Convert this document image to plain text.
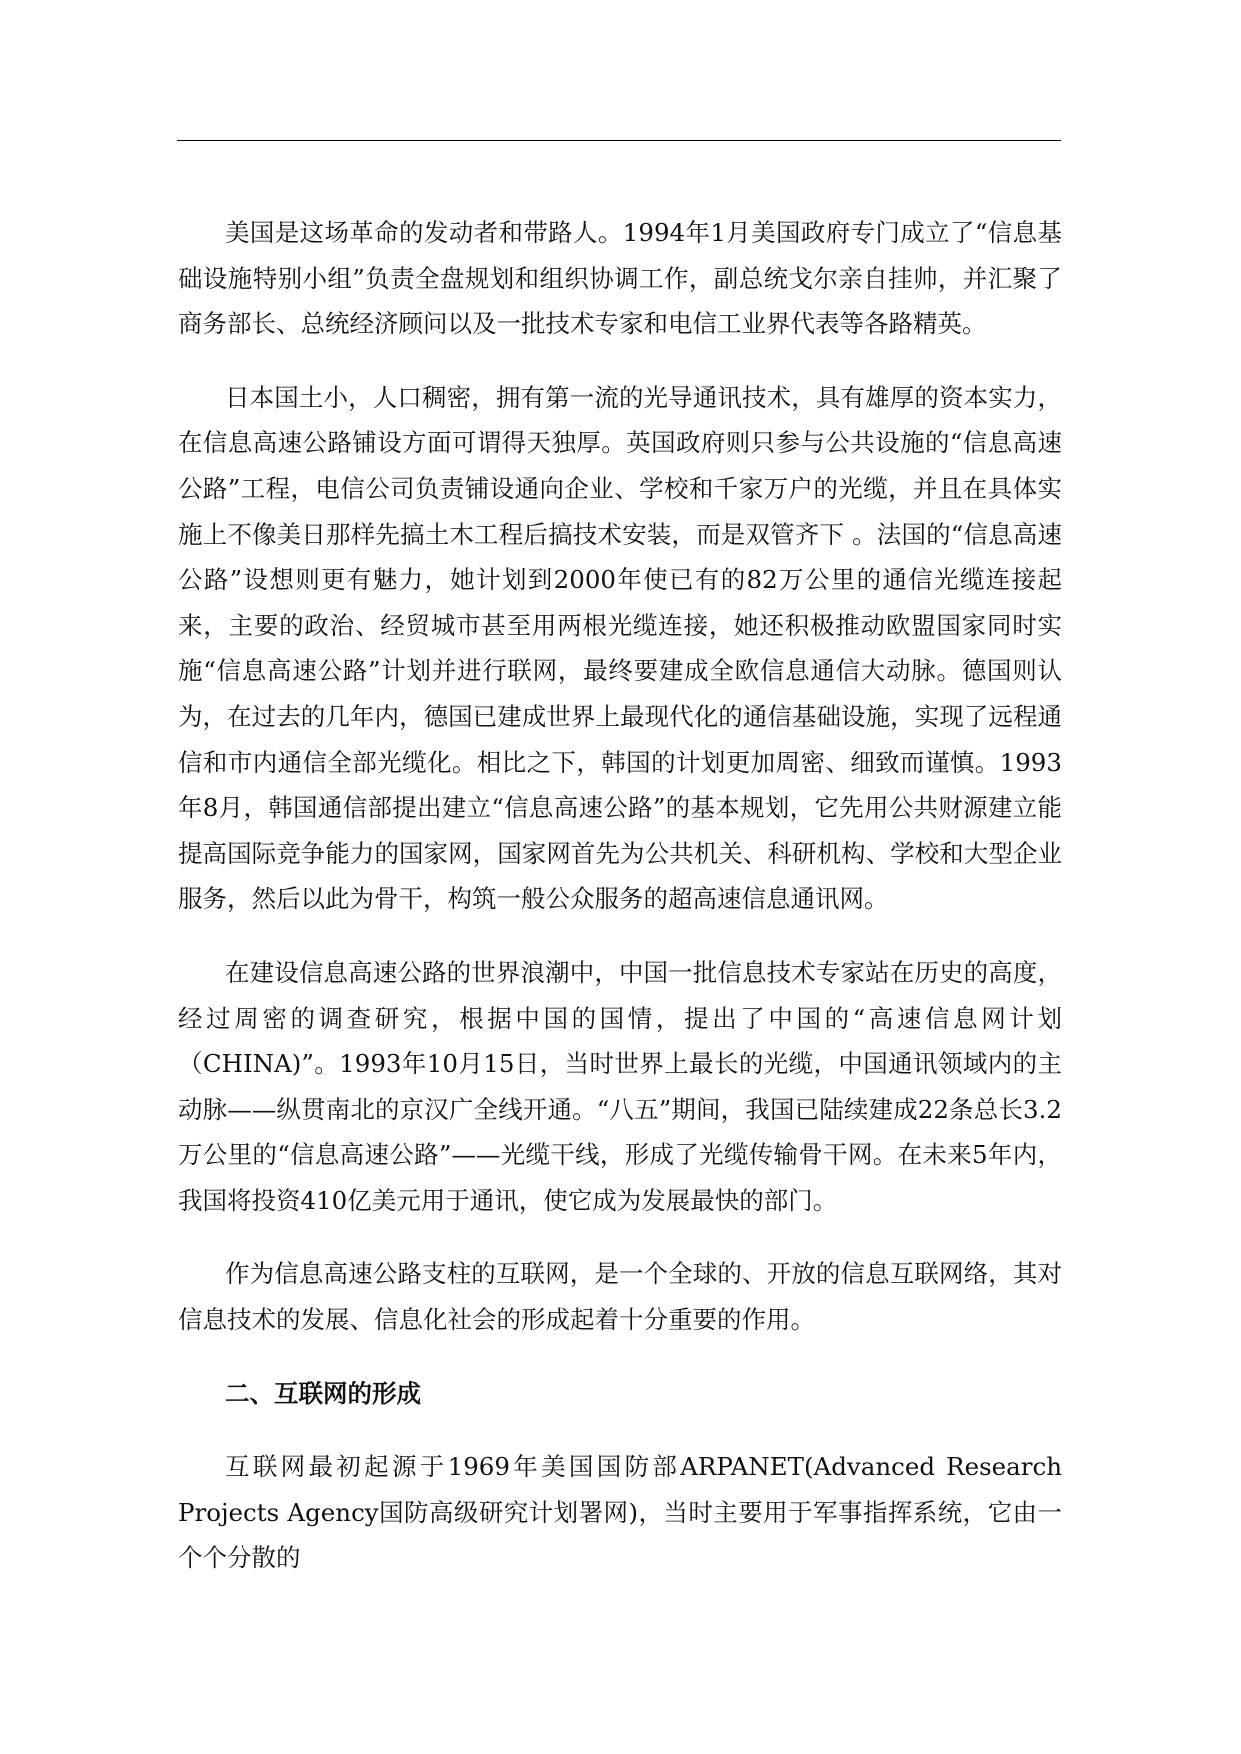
美国是这场革命的发动者和带路人。1994年1月美国政府专门成立了“信息基础设施特别小组”负责全盘规划和组织协调工作，副总统戈尔亲自挂帅，并汇聚了商务部长、总统经济顾问以及一批技术专家和电信工业界代表等各路精英。

日本国土小，人口稠密，拥有第一流的光导通讯技术，具有雄厚的资本实力，在信息高速公路铺设方面可谓得天独厚。英国政府则只参与公共设施的“信息高速公路”工程，电信公司负责铺设通向企业、学校和千家万户的光缆，并且在具体实施上不像美日那样先搞土木工程后搞技术安装，而是双管齐下 。法国的“信息高速公路”设想则更有魅力，她计划到2000年使已有的82万公里的通信光缆连接起来，主要的政治、经贸城市甚至用两根光缆连接，她还积极推动欧盟国家同时实施“信息高速公路”计划并进行联网，最终要建成全欧信息通信大动脉。德国则认为，在过去的几年内，德国已建成世界上最现代化的通信基础设施，实现了远程通信和市内通信全部光缆化。相比之下，韩国的计划更加周密、细致而谨慎。1993年8月，韩国通信部提出建立“信息高速公路”的基本规划，它先用公共财源建立能提高国际竞争能力的国家网，国家网首先为公共机关、科研机构、学校和大型企业服务，然后以此为骨干，构筑一般公众服务的超高速信息通讯网。

在建设信息高速公路的世界浪潮中，中国一批信息技术专家站在历史的高度，经过周密的调查研究，根据中国的国情，提出了中国的“高速信息网计划（CHINA)”。1993年10月15日，当时世界上最长的光缆，中国通讯领域内的主动脉——纵贯南北的京汉广全线开通。“八五”期间，我国已陆续建成22条总长3.2万公里的“信息高速公路”——光缆干线，形成了光缆传输骨干网。在未来5年内，我国将投资410亿美元用于通讯，使它成为发展最快的部门。

作为信息高速公路支柱的互联网，是一个全球的、开放的信息互联网络，其对信息技术的发展、信息化社会的形成起着十分重要的作用。

二、互联网的形成

互联网最初起源于1969年美国国防部ARPANET(Advanced Research Projects Agency国防高级研究计划署网)，当时主要用于军事指挥系统，它由一个个分散的
